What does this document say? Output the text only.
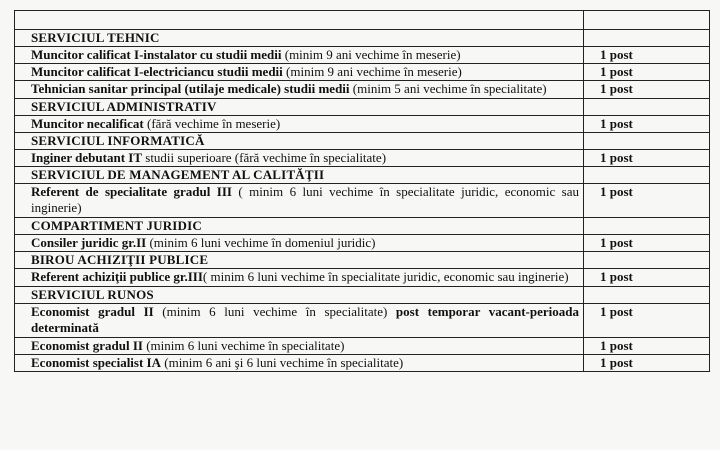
SERVICIUL TEHNIC	
Muncitor calificat I-instalator cu studii medii (minim 9 ani vechime în meserie)	1 post
Muncitor calificat I-electriciancu studii medii (minim 9 ani vechime în meserie)	1 post
Tehnician sanitar principal (utilaje medicale) studii medii (minim 5 ani vechime în specialitate)	1 post
SERVICIUL ADMINISTRATIV	
Muncitor necalificat (fără vechime în meserie)	1 post
SERVICIUL INFORMATICĂ	
Inginer debutant IT studii superioare (fără vechime în specialitate)	1 post
SERVICIUL DE MANAGEMENT AL CALITĂŢII	
Referent de specialitate gradul III ( minim 6 luni vechime în specialitate juridic, economic sau inginerie)	1 post
COMPARTIMENT JURIDIC	
Consiler juridic gr.II (minim 6 luni vechime în domeniul juridic)	1 post
BIROU ACHIZIŢII PUBLICE	
Referent achiziţii publice gr.III( minim 6 luni vechime în specialitate juridic, economic sau inginerie)	1 post
SERVICIUL RUNOS	
Economist gradul II (minim 6 luni vechime în specialitate) post temporar vacant-perioada determinată	1 post
Economist gradul II (minim 6 luni vechime în specialitate)	1 post
Economist specialist IA (minim 6 ani şi 6 luni vechime în specialitate)	1 post
